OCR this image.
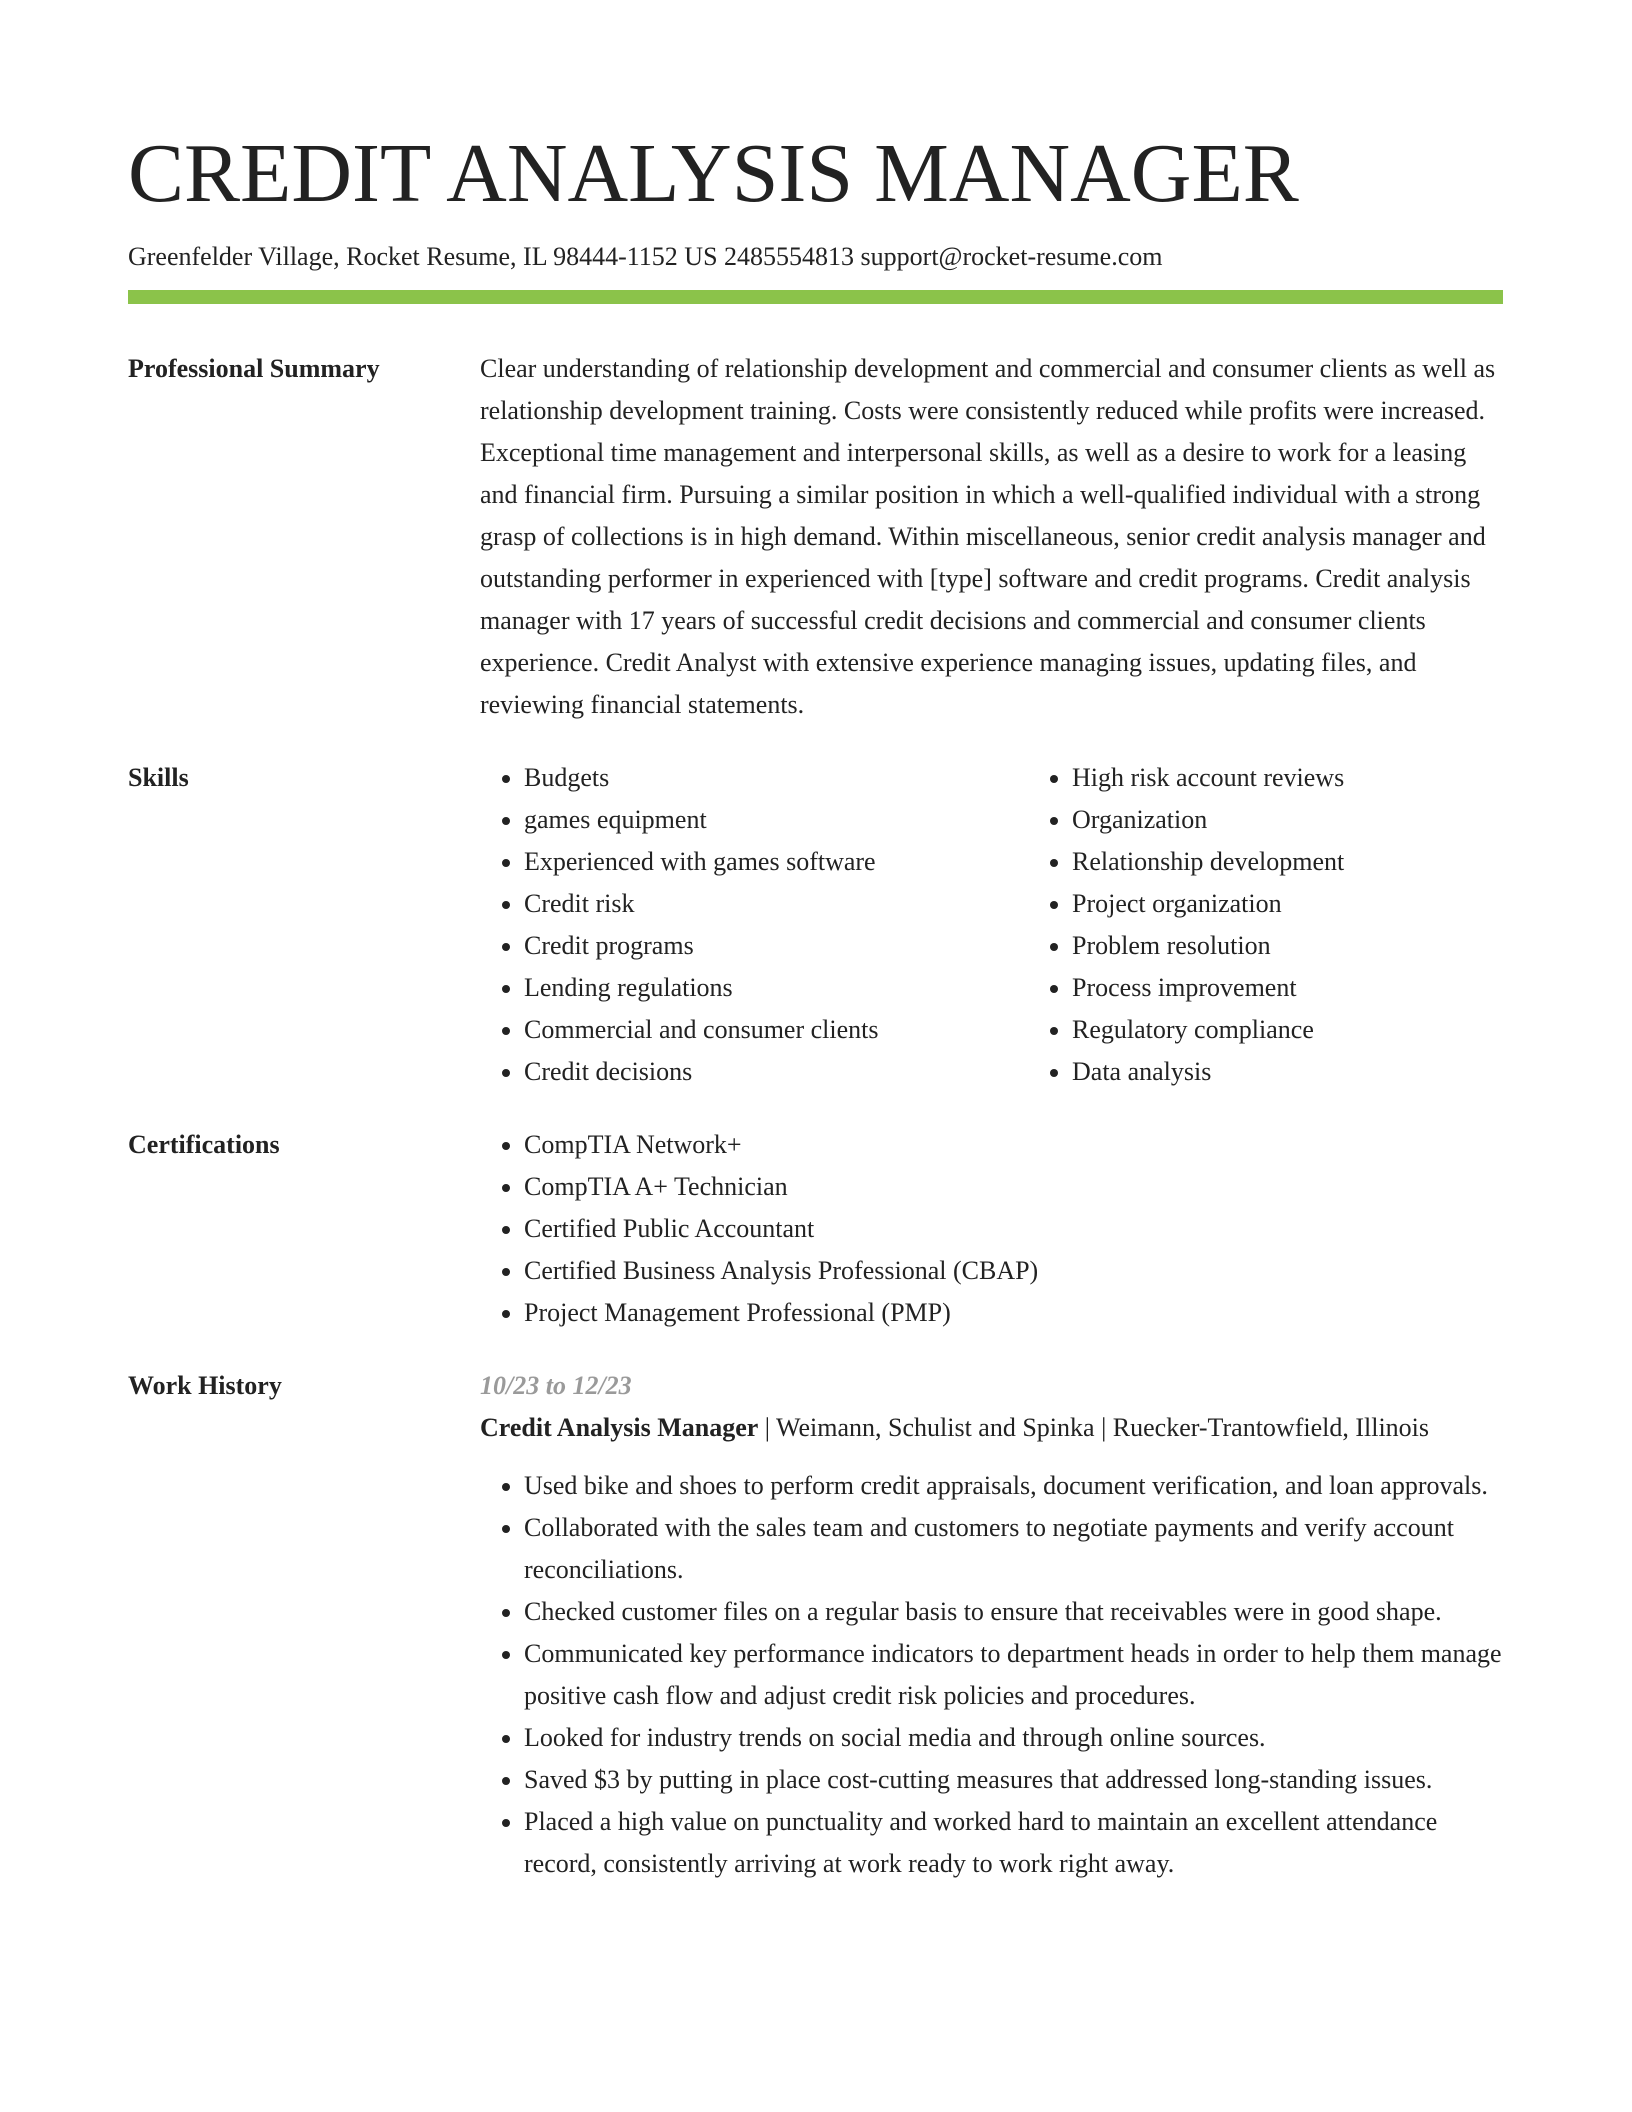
CREDIT ANALYSIS MANAGER
Greenfelder Village, Rocket Resume, IL 98444-1152 US 2485554813 support@rocket-resume.com
Professional Summary	Clear understanding of relationship development and commercial and consumer clients as well as relationship development training. Costs were consistently reduced while profits were increased. Exceptional time management and interpersonal skills, as well as a desire to work for a leasing and financial firm. Pursuing a similar position in which a well-qualified individual with a strong grasp of collections is in high demand. Within miscellaneous, senior credit analysis manager and outstanding performer in experienced with [type] software and credit programs. Credit analysis manager with 17 years of successful credit decisions and commercial and consumer clients experience. Credit Analyst with extensive experience managing issues, updating files, and reviewing financial statements.

Skills	• Budgets
• games equipment
• Experienced with games software
• Credit risk
• Credit programs
• Lending regulations
• Commercial and consumer clients
• Credit decisions
• High risk account reviews
• Organization
• Relationship development
• Project organization
• Problem resolution
• Process improvement
• Regulatory compliance
• Data analysis
Certifications	• CompTIA Network+
• CompTIA A+ Technician
• Certified Public Accountant
• Certified Business Analysis Professional (CBAP)
• Project Management Professional (PMP)
Work History	10/23 to 12/23
Credit Analysis Manager | Weimann, Schulist and Spinka | Ruecker-Trantowfield, Illinois
• Used bike and shoes to perform credit appraisals, document verification, and loan approvals.
• Collaborated with the sales team and customers to negotiate payments and verify account reconciliations.
• Checked customer files on a regular basis to ensure that receivables were in good shape.
• Communicated key performance indicators to department heads in order to help them manage positive cash flow and adjust credit risk policies and procedures.
• Looked for industry trends on social media and through online sources.
• Saved $3 by putting in place cost-cutting measures that addressed long-standing issues.
• Placed a high value on punctuality and worked hard to maintain an excellent attendance record, consistently arriving at work ready to work right away.
